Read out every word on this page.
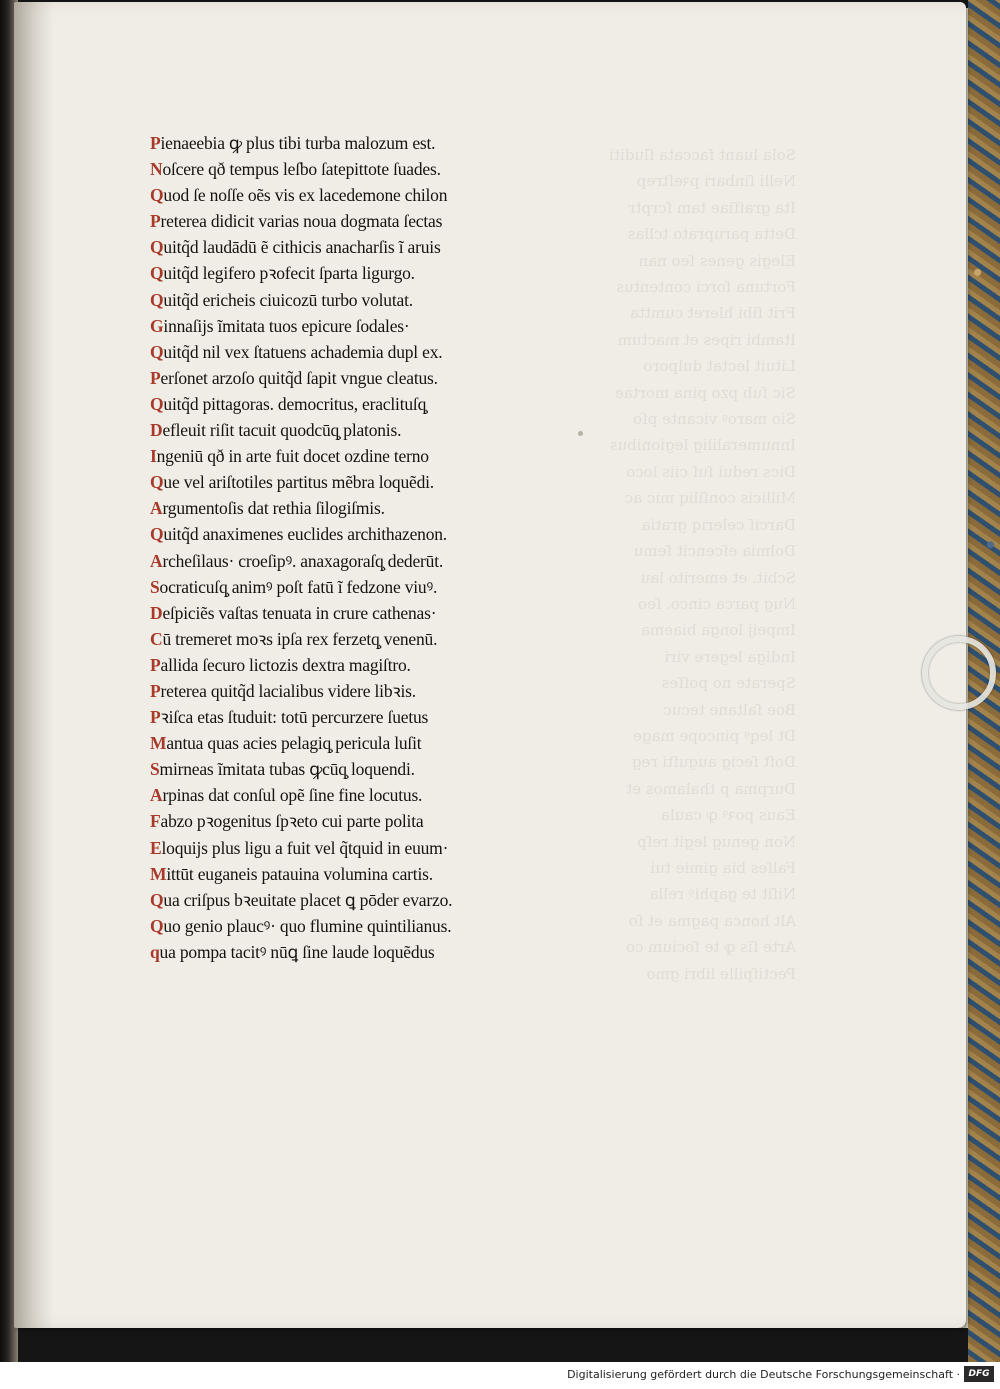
Sola luant faccata ſluditi
Nelli ſinbari pꝛeſtrep
Ita graſſiae tam ſcrptr
Detta paruprato tcllas
Elegis genes ſeo nan
Fortuna forci contentus
Frit ſibi hleret cumtta
Itambi ripes et mactum
Lituit lectat dulporo
Sic ſub pzo pina mortae
Sio maroꝰ vicante pſo
Innumeralilig legionibus
Dics redui ſuſ ciis loco
Millicis conſiliq mic ac
Darciſ celeriq gratia
Dolmia eſcencit ſemu
Scbit. et emerito lau
Nug parca cinco. ſeo
Impeij longa biaema
Indiga legere viri
Sperate no poſſes
Boe ſaltane tecuc
Dt leqꝰ pincope mage
Doſt ſecig auguſti reg
Durpma p thalamos et
Eaus poꝛꝰ ꝙ caula
Non genug legit reſp
Falſes bia gimie tui
Niſit te gaphiꝰ rella
Alt honca pagma et ſo
Arte ſis ꝙ te ſocium co
Pectiſpille libri gmo
Pienaeebia ꝙ plus tibi turba malozum est.
Noſcere qð tempus leſbo ſatepittote ſuades.
Quod ſe noſſe oẽs vis ex lacedemone chilon
Preterea didicit varias noua dogmata ſectas
Quitq̃d laudādū ẽ cithicis anacharſis ĩ aruis
Quitq̃d legifero pꝛofecit ſparta ligurgo.
Quitq̃d ericheis ciuicozū turbo volutat.
Ginnaſijs ĩmitata tuos epicure ſodales·
Quitq̃d nil vex ſtatuens achademia dupl ex.
Perſonet arzoſo quitq̃d ſapit vngue cleatus.
Quitq̃d pittagoras. democritus, eraclituſq̧
Defleuit riſit tacuit quodcūq̧ platonis.
Ingeniū qð in arte fuit docet ozdine terno
Que vel ariſtotiles partitus mẽbra loquẽdi.
Argumentoſis dat rethia ſilogiſmis.
Quitq̃d anaximenes euclides archithazenon.
Archeſilaus· croeſipꝰ. anaxagoraſq̧ dederūt.
Socraticuſq̧ animꝰ poſt fatū ĩ fedzone viuꝰ.
Deſpiciẽs vaſtas tenuata in crure cathenas·
Cū tremeret moꝛs ipſa rex ferzetq̧ venenū.
Pallida ſecuro lictozis dextra magiſtro.
Preterea quitq̃d lacialibus videre libꝛis.
Pꝛiſca etas ſtuduit: totū percurzere ſuetus
Mantua quas acies pelagiq̧ pericula luſit
Smirneas ĩmitata tubas ꝙcūq̧ loquendi.
Arpinas dat conſul opẽ ſine fine locutus.
Fabzo pꝛogenitus ſpꝛeto cui parte polita
Eloquijs plus ligu a fuit vel q̃tquid in euum·
Mittūt euganeis patauina volumina cartis.
Qua criſpus bꝛeuitate placet ꝗ pōder evarzo.
Quo genio plaucꝰ· quo flumine quintilianus.
qua pompa tacitꝰ nūꝗ ſine laude loquẽdus
Digitalisierung gefördert durch die Deutsche Forschungsgemeinschaft · DFG
